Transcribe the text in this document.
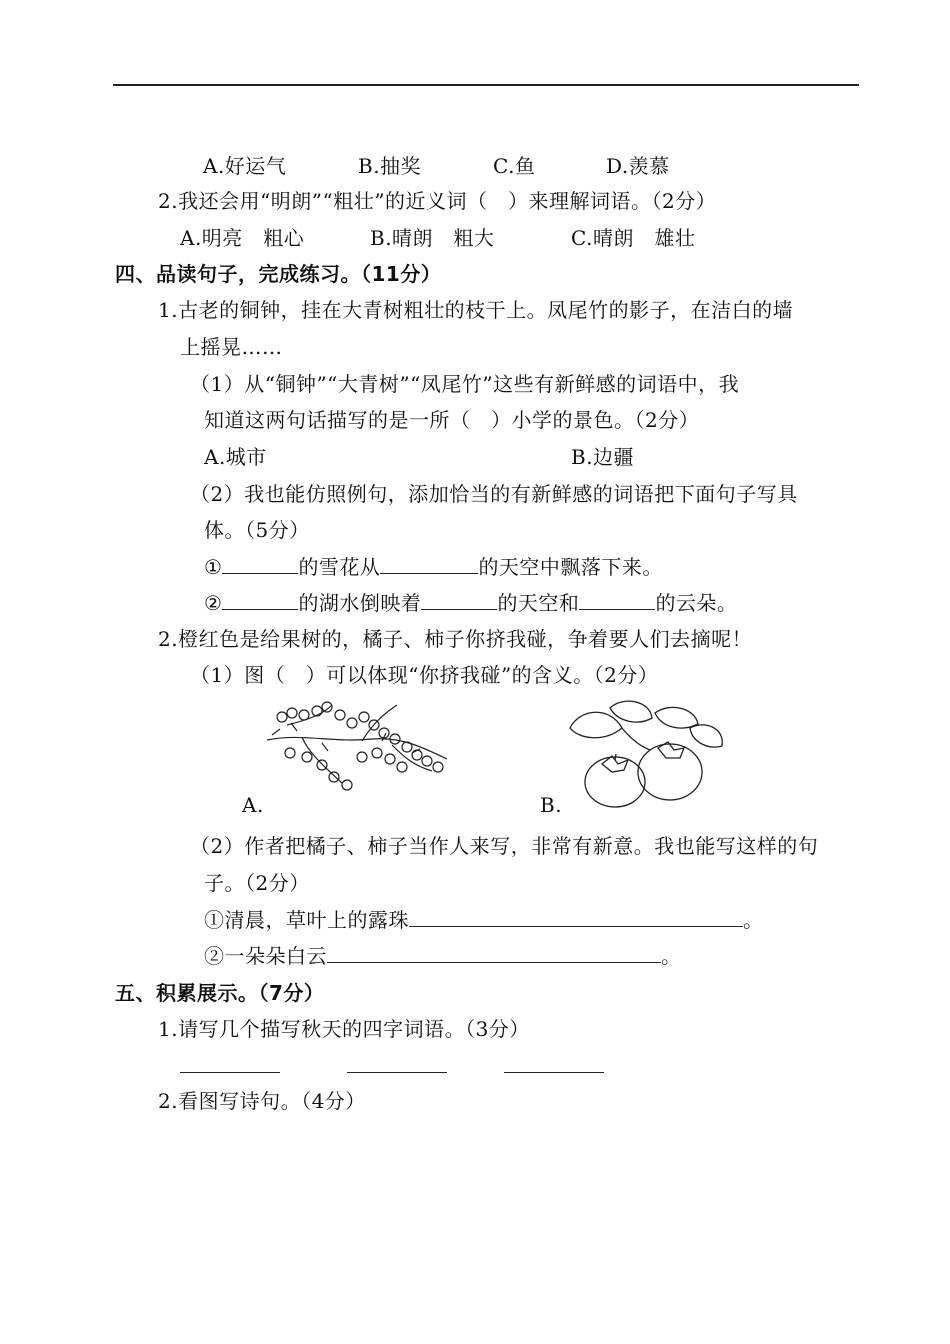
A.好运气	B.抽奖	C.鱼	D.羡慕
2.我还会用“明朗”“粗壮”的近义词（　）来理解词语。（2分）
A.明亮　粗心	B.晴朗　粗大	C.晴朗　雄壮
四、品读句子，完成练习。（11分）
1.古老的铜钟，挂在大青树粗壮的枝干上。凤尾竹的影子，在洁白的墙
上摇晃……
（1）从“铜钟”“大青树”“凤尾竹”这些有新鲜感的词语中，我
知道这两句话描写的是一所（　）小学的景色。（2分）
A.城市	B.边疆
（2）我也能仿照例句，添加恰当的有新鲜感的词语把下面句子写具
体。（5分）
①	的雪花从	的天空中飘落下来。
②	的湖水倒映着	的天空和	的云朵。
2.橙红色是给果树的，橘子、柿子你挤我碰，争着要人们去摘呢！
（1）图（　）可以体现“你挤我碰”的含义。（2分）
A.	B.
（2）作者把橘子、柿子当作人来写，非常有新意。我也能写这样的句
子。（2分）
①清晨，草叶上的露珠	。
②一朵朵白云	。
五、积累展示。（7分）
1.请写几个描写秋天的四字词语。（3分）
2.看图写诗句。（4分）
